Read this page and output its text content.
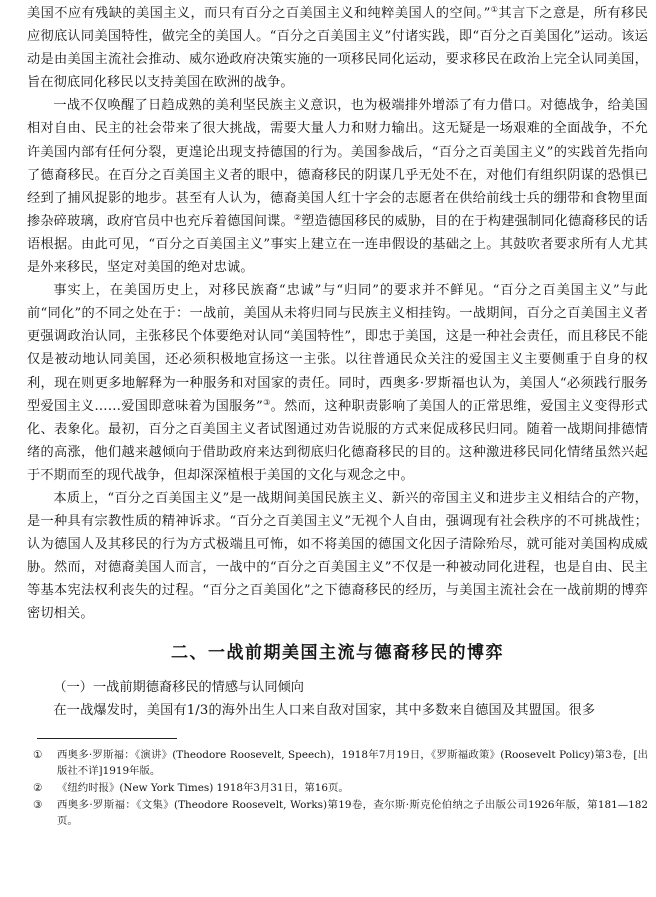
美国不应有残缺的美国主义，而只有百分之百美国主义和纯粹美国人的空间。”①其言下之意是，所有移民应彻底认同美国特性，做完全的美国人。“百分之百美国主义”付诸实践，即“百分之百美国化”运动。该运动是由美国主流社会推动、威尔逊政府决策实施的一项移民同化运动，要求移民在政治上完全认同美国，旨在彻底同化移民以支持美国在欧洲的战争。

一战不仅唤醒了日趋成熟的美利坚民族主义意识，也为极端排外增添了有力借口。对德战争，给美国相对自由、民主的社会带来了很大挑战，需要大量人力和财力输出。这无疑是一场艰难的全面战争，不允许美国内部有任何分裂，更遑论出现支持德国的行为。美国参战后，“百分之百美国主义”的实践首先指向了德裔移民。在百分之百美国主义者的眼中，德裔移民的阴谋几乎无处不在，对他们有组织阴谋的恐惧已经到了捕风捉影的地步。甚至有人认为，德裔美国人红十字会的志愿者在供给前线士兵的绷带和食物里面掺杂碎玻璃，政府官员中也充斥着德国间谍。②塑造德国移民的威胁，目的在于构建强制同化德裔移民的话语根据。由此可见，“百分之百美国主义”事实上建立在一连串假设的基础之上。其鼓吹者要求所有人尤其是外来移民，坚定对美国的绝对忠诚。

事实上，在美国历史上，对移民族裔“忠诚”与“归同”的要求并不鲜见。“百分之百美国主义”与此前“同化”的不同之处在于：一战前，美国从未将归同与民族主义相挂钩。一战期间，百分之百美国主义者更强调政治认同，主张移民个体要绝对认同“美国特性”，即忠于美国，这是一种社会责任，而且移民不能仅是被动地认同美国，还必须积极地宣扬这一主张。以往普通民众关注的爱国主义主要侧重于自身的权利，现在则更多地解释为一种服务和对国家的责任。同时，西奥多·罗斯福也认为，美国人“必须践行服务型爱国主义……爱国即意味着为国服务”③。然而，这种职责影响了美国人的正常思维，爱国主义变得形式化、表象化。最初，百分之百美国主义者试图通过劝告说服的方式来促成移民归同。随着一战期间排德情绪的高涨，他们越来越倾向于借助政府来达到彻底归化德裔移民的目的。这种激进移民同化情绪虽然兴起于不期而至的现代战争，但却深深植根于美国的文化与观念之中。

本质上，“百分之百美国主义”是一战期间美国民族主义、新兴的帝国主义和进步主义相结合的产物，是一种具有宗教性质的精神诉求。“百分之百美国主义”无视个人自由，强调现有社会秩序的不可挑战性；认为德国人及其移民的行为方式极端且可怖，如不将美国的德国文化因子清除殆尽，就可能对美国构成威胁。然而，对德裔美国人而言，一战中的“百分之百美国主义”不仅是一种被动同化进程，也是自由、民主等基本宪法权利丧失的过程。“百分之百美国化”之下德裔移民的经历，与美国主流社会在一战前期的博弈密切相关。

二、一战前期美国主流与德裔移民的博弈

（一）一战前期德裔移民的情感与认同倾向

在一战爆发时，美国有1/3的海外出生人口来自敌对国家，其中多数来自德国及其盟国。很多

①	西奥多·罗斯福：《演讲》(Theodore Roosevelt, Speech)，1918年7月19日，《罗斯福政策》(Roosevelt Policy)第3卷，[出版社不详]1919年版。
②	《纽约时报》(New York Times) 1918年3月31日，第16页。
③	西奥多·罗斯福：《文集》(Theodore Roosevelt, Works)第19卷，查尔斯·斯克伦伯纳之子出版公司1926年版，第181—182页。
